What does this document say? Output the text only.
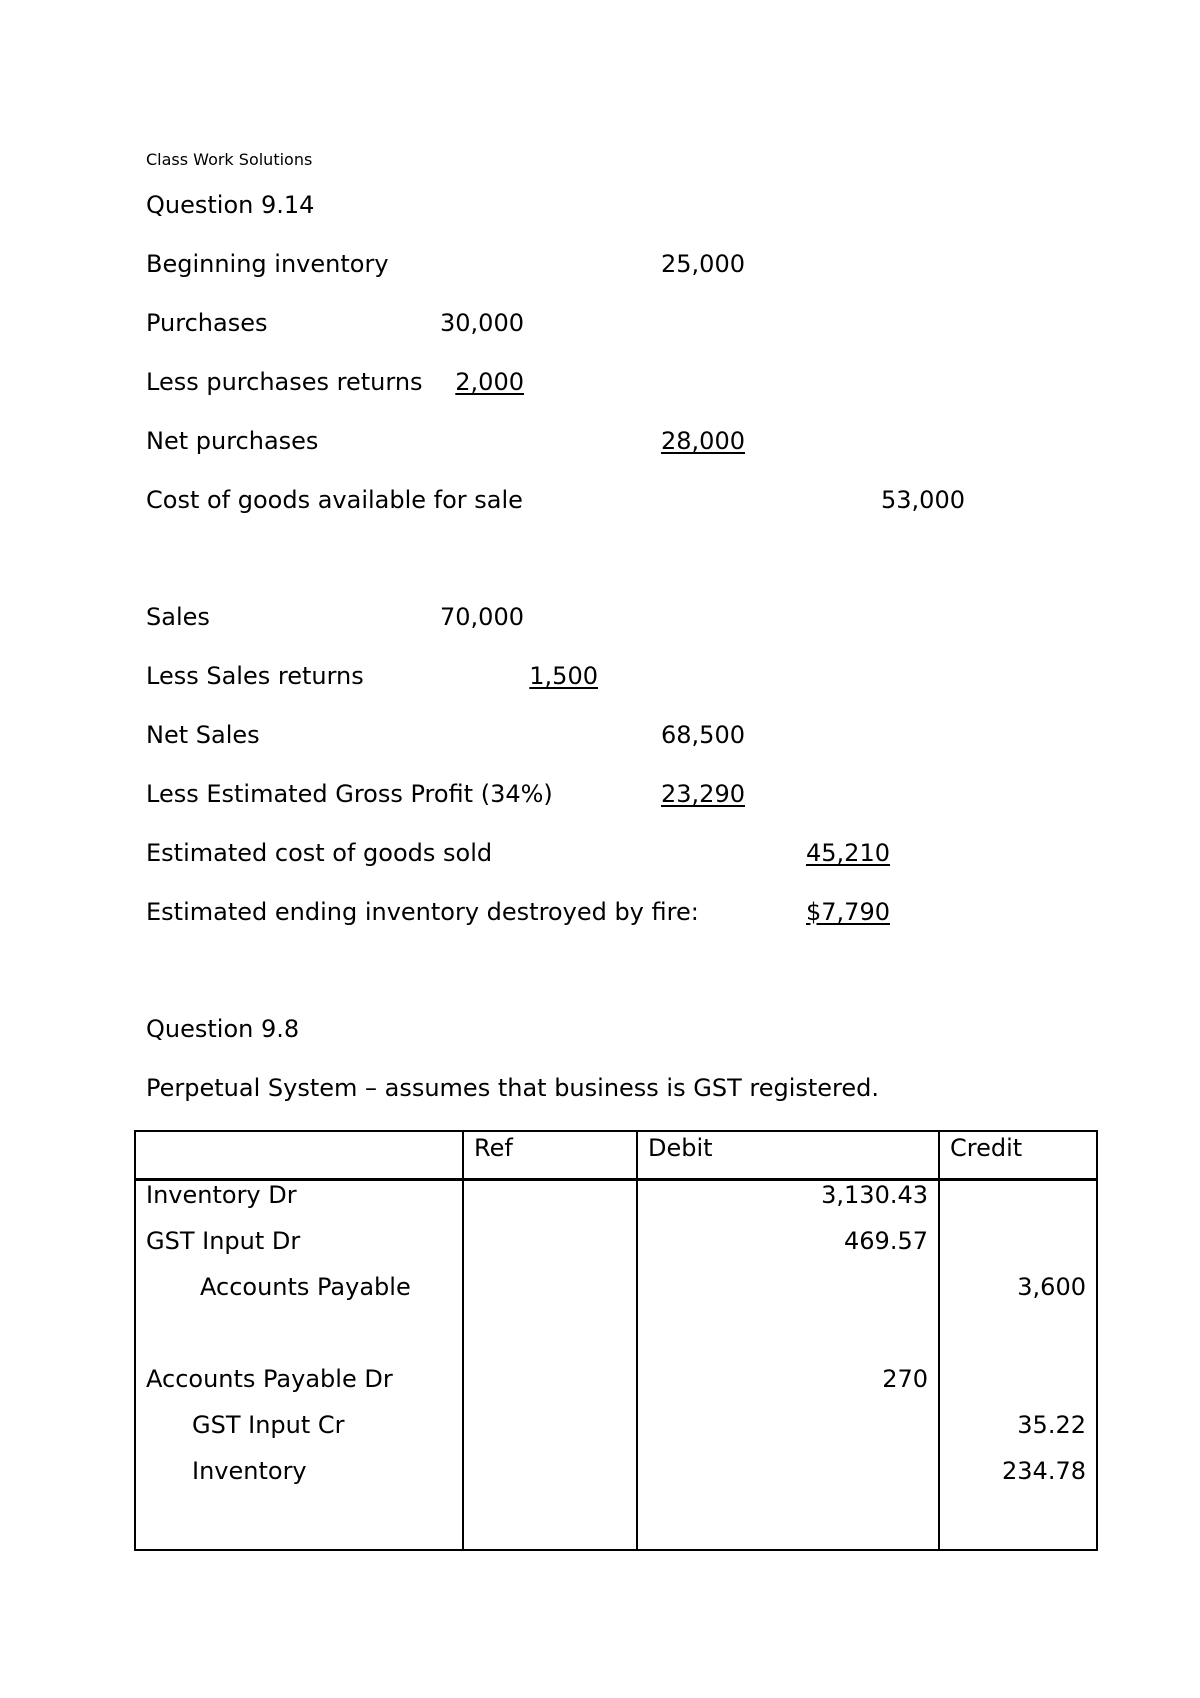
Class Work Solutions
Question 9.14
Beginning inventory	25,000
Purchases	30,000
Less purchases returns	2,000
Net purchases	28,000
Cost of goods available for sale	53,000
Sales	70,000
Less Sales returns	1,500
Net Sales	68,500
Less Estimated Gross Profit (34%)	23,290
Estimated cost of goods sold	45,210
Estimated ending inventory destroyed by fire:	$7,790
Question 9.8
Perpetual System – assumes that business is GST registered.
	Ref	Debit	Credit
Inventory Dr		3,130.43	
GST Input Dr		469.57	
Accounts Payable			3,600

Accounts Payable Dr		270	
GST Input Cr			35.22
Inventory			234.78
